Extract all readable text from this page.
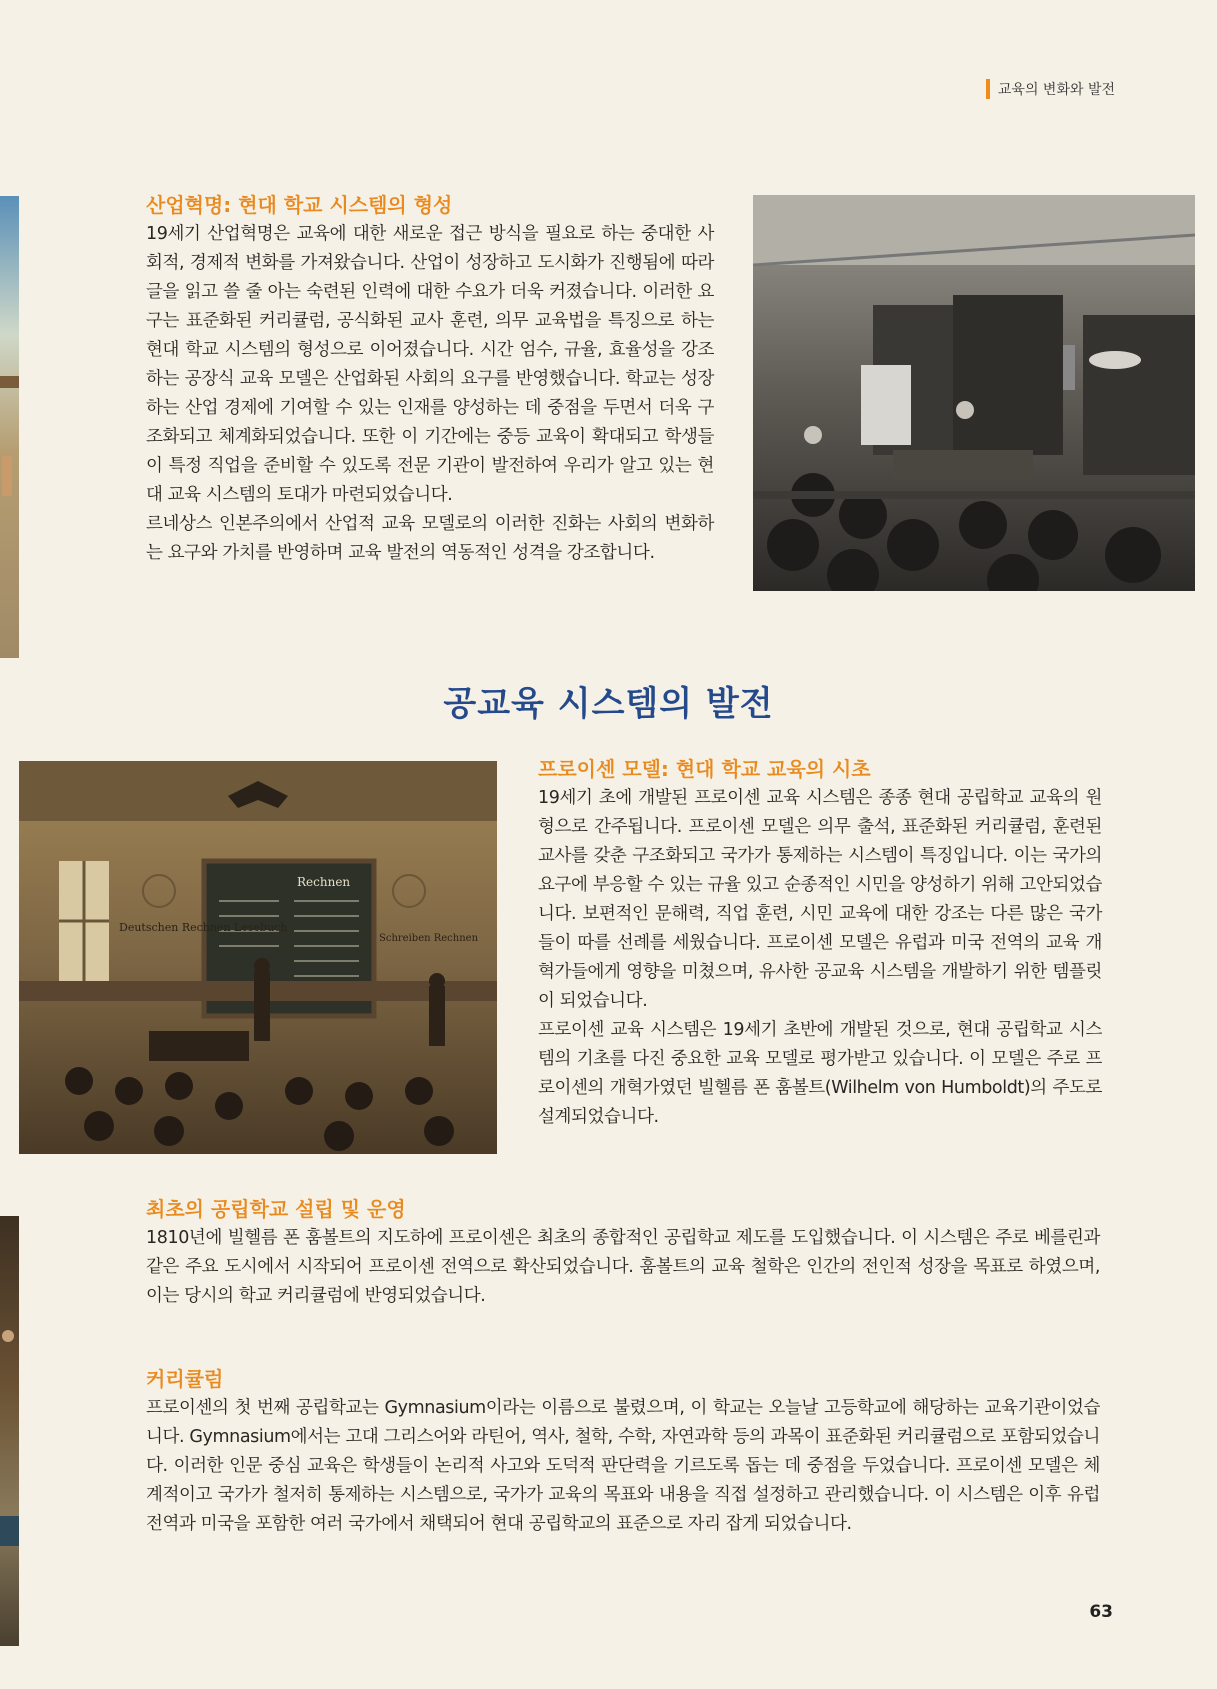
교육의 변화와 발전
산업혁명: 현대 학교 시스템의 형성

19세기 산업혁명은 교육에 대한 새로운 접근 방식을 필요로 하는 중대한 사회적, 경제적 변화를 가져왔습니다. 산업이 성장하고 도시화가 진행됨에 따라 글을 읽고 쓸 줄 아는 숙련된 인력에 대한 수요가 더욱 커졌습니다. 이러한 요구는 표준화된 커리큘럼, 공식화된 교사 훈련, 의무 교육법을 특징으로 하는 현대 학교 시스템의 형성으로 이어졌습니다. 시간 엄수, 규율, 효율성을 강조하는 공장식 교육 모델은 산업화된 사회의 요구를 반영했습니다. 학교는 성장하는 산업 경제에 기여할 수 있는 인재를 양성하는 데 중점을 두면서 더욱 구조화되고 체계화되었습니다. 또한 이 기간에는 중등 교육이 확대되고 학생들이 특정 직업을 준비할 수 있도록 전문 기관이 발전하여 우리가 알고 있는 현대 교육 시스템의 토대가 마련되었습니다.

르네상스 인본주의에서 산업적 교육 모델로의 이러한 진화는 사회의 변화하는 요구와 가치를 반영하며 교육 발전의 역동적인 성격을 강조합니다.

공교육 시스템의 발전
Rechnen
Deutschen Rechnen Lesebuch
Schreiben Rechnen
프로이센 모델: 현대 학교 교육의 시초

19세기 초에 개발된 프로이센 교육 시스템은 종종 현대 공립학교 교육의 원형으로 간주됩니다. 프로이센 모델은 의무 출석, 표준화된 커리큘럼, 훈련된 교사를 갖춘 구조화되고 국가가 통제하는 시스템이 특징입니다. 이는 국가의 요구에 부응할 수 있는 규율 있고 순종적인 시민을 양성하기 위해 고안되었습니다. 보편적인 문해력, 직업 훈련, 시민 교육에 대한 강조는 다른 많은 국가들이 따를 선례를 세웠습니다. 프로이센 모델은 유럽과 미국 전역의 교육 개혁가들에게 영향을 미쳤으며, 유사한 공교육 시스템을 개발하기 위한 템플릿이 되었습니다.

프로이센 교육 시스템은 19세기 초반에 개발된 것으로, 현대 공립학교 시스템의 기초를 다진 중요한 교육 모델로 평가받고 있습니다. 이 모델은 주로 프로이센의 개혁가였던 빌헬름 폰 훔볼트(Wilhelm von Humboldt)의 주도로 설계되었습니다.

최초의 공립학교 설립 및 운영

1810년에 빌헬름 폰 훔볼트의 지도하에 프로이센은 최초의 종합적인 공립학교 제도를 도입했습니다. 이 시스템은 주로 베를린과 같은 주요 도시에서 시작되어 프로이센 전역으로 확산되었습니다. 훔볼트의 교육 철학은 인간의 전인적 성장을 목표로 하였으며, 이는 당시의 학교 커리큘럼에 반영되었습니다.

커리큘럼

프로이센의 첫 번째 공립학교는 Gymnasium이라는 이름으로 불렸으며, 이 학교는 오늘날 고등학교에 해당하는 교육기관이었습니다. Gymnasium에서는 고대 그리스어와 라틴어, 역사, 철학, 수학, 자연과학 등의 과목이 표준화된 커리큘럼으로 포함되었습니다. 이러한 인문 중심 교육은 학생들이 논리적 사고와 도덕적 판단력을 기르도록 돕는 데 중점을 두었습니다. 프로이센 모델은 체계적이고 국가가 철저히 통제하는 시스템으로, 국가가 교육의 목표와 내용을 직접 설정하고 관리했습니다. 이 시스템은 이후 유럽 전역과 미국을 포함한 여러 국가에서 채택되어 현대 공립학교의 표준으로 자리 잡게 되었습니다.

63
